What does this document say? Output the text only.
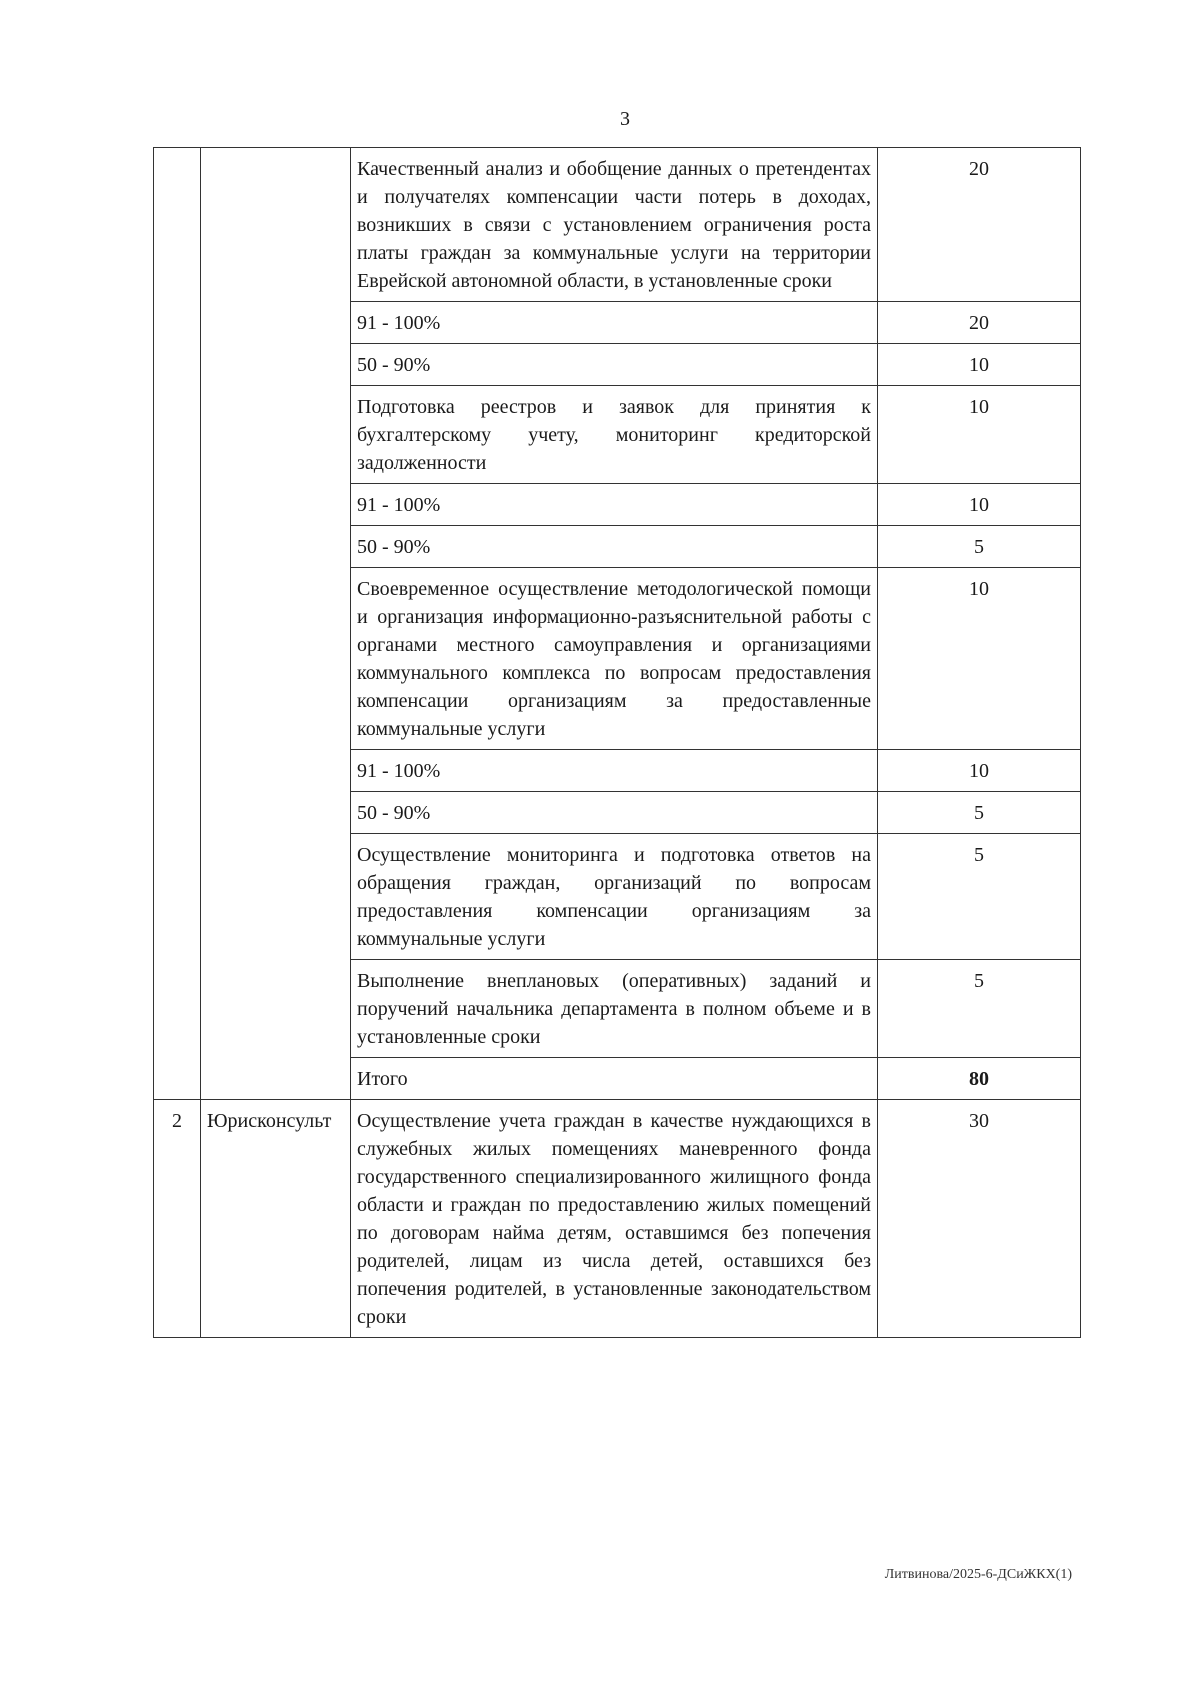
3
		Качественный анализ и обобщение данных о претендентах и получателях компенсации части потерь в доходах, возникших в связи с установлением ограничения роста платы граждан за коммунальные услуги на территории Еврейской автономной области, в установленные сроки	20
		91 - 100%	20
		50 - 90%	10
		Подготовка реестров и заявок для принятия к бухгалтерскому учету, мониторинг кредиторской задолженности	10
		91 - 100%	10
		50 - 90%	5
		Своевременное осуществление методологической помощи и организация информационно-разъяснительной работы с органами местного самоуправления и организациями коммунального комплекса по вопросам предоставления компенсации организациям за предоставленные коммунальные услуги	10
		91 - 100%	10
		50 - 90%	5
		Осуществление мониторинга и подготовка ответов на обращения граждан, организаций по вопросам предоставления компенсации организациям за коммунальные услуги	5
		Выполнение внеплановых (оперативных) заданий и поручений начальника департамента в полном объеме и в установленные сроки	5
		Итого	80
2	Юрисконсульт	Осуществление учета граждан в качестве нуждающихся в служебных жилых помещениях маневренного фонда государственного специализированного жилищного фонда области и граждан по предоставлению жилых помещений по договорам найма детям, оставшимся без попечения родителей, лицам из числа детей, оставшихся без попечения родителей, в установленные законодательством сроки	30
Литвинова/2025-6-ДСиЖКХ(1)
